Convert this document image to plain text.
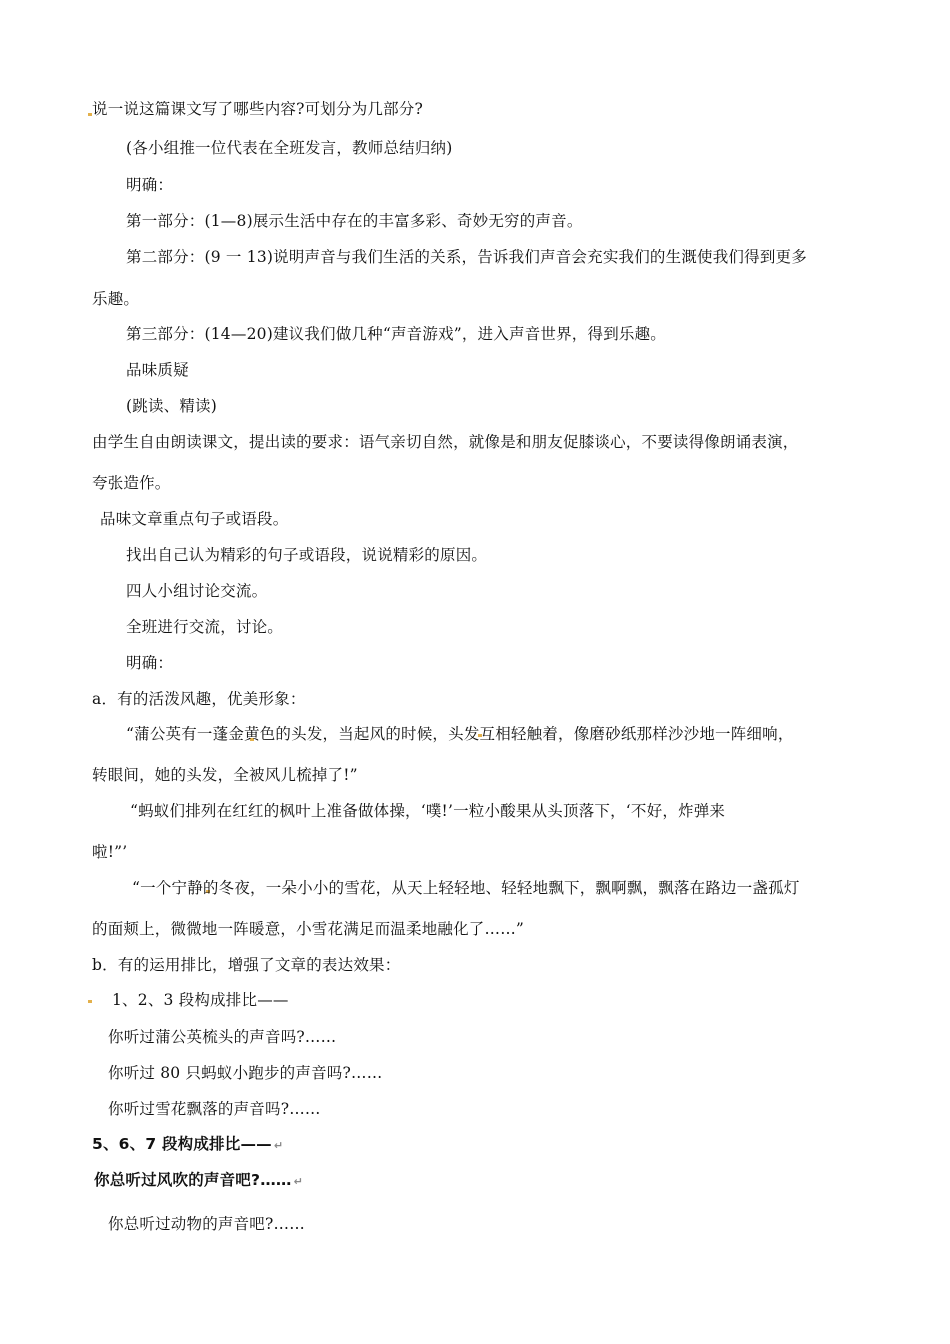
说一说这篇课文写了哪些内容?可划分为几部分?
(各小组推一位代表在全班发言，教师总结归纳)
明确：
第一部分：(1—8)展示生活中存在的丰富多彩、奇妙无穷的声音。
第二部分：(9 一 13)说明声音与我们生活的关系，告诉我们声音会充实我们的生溉使我们得到更多
乐趣。
第三部分：(14—20)建议我们做几种“声音游戏”，进入声音世界，得到乐趣。
品味质疑
(跳读、精读)
由学生自由朗读课文，提出读的要求：语气亲切自然，就像是和朋友促膝谈心，不要读得像朗诵表演，
夸张造作。
品味文章重点句子或语段。
找出自己认为精彩的句子或语段，说说精彩的原因。
四人小组讨论交流。
全班进行交流，讨论。
明确：
a．有的活泼风趣，优美形象：
“蒲公英有一蓬金黄色的头发，当起风的时候，头发互相轻触着，像磨砂纸那样沙沙地一阵细响，
转眼间，她的头发，全被风儿梳掉了!”
“蚂蚁们排列在红红的枫叶上准备做体操，‘噗!’一粒小酸果从头顶落下，‘不好，炸弹来
啦!”’
“一个宁静的冬夜，一朵小小的雪花，从天上轻轻地、轻轻地飘下，飘啊飘，飘落在路边一盏孤灯
的面颊上，微微地一阵暖意，小雪花满足而温柔地融化了……”
b．有的运用排比，增强了文章的表达效果：
1、2、3 段构成排比——
你听过蒲公英梳头的声音吗?……
你听过 80 只蚂蚁小跑步的声音吗?……
你听过雪花飘落的声音吗?……
5、6、7 段构成排比—— ↵
你总听过风吹的声音吧?…… ↵
你总听过动物的声音吧?……
